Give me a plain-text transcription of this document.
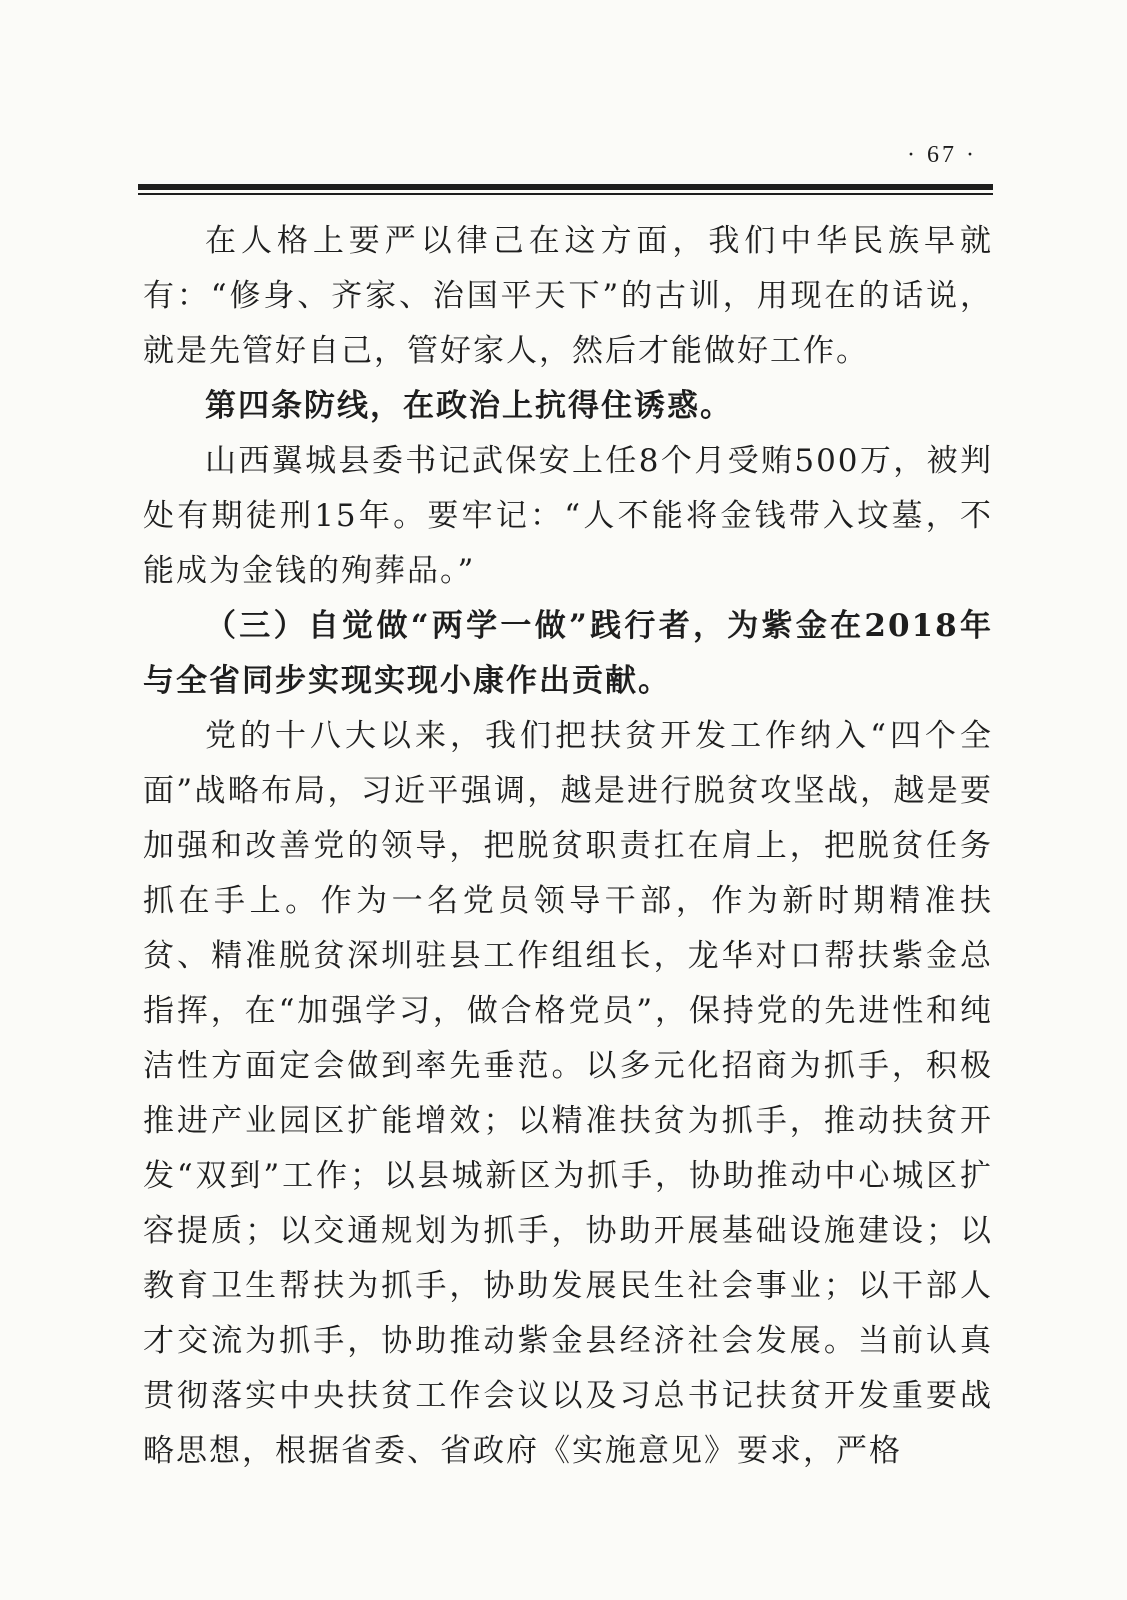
· 67 ·

在人格上要严以律己在这方面，我们中华民族早就有：“修身、齐家、治国平天下”的古训，用现在的话说，就是先管好自己，管好家人，然后才能做好工作。

第四条防线，在政治上抗得住诱惑。

山西翼城县委书记武保安上任8个月受贿500万，被判处有期徒刑15年。要牢记：“人不能将金钱带入坟墓，不能成为金钱的殉葬品。”

（三）自觉做“两学一做”践行者，为紫金在2018年与全省同步实现实现小康作出贡献。

党的十八大以来，我们把扶贫开发工作纳入“四个全面”战略布局，习近平强调，越是进行脱贫攻坚战，越是要加强和改善党的领导，把脱贫职责扛在肩上，把脱贫任务抓在手上。作为一名党员领导干部，作为新时期精准扶贫、精准脱贫深圳驻县工作组组长，龙华对口帮扶紫金总指挥，在“加强学习，做合格党员”，保持党的先进性和纯洁性方面定会做到率先垂范。以多元化招商为抓手，积极推进产业园区扩能增效；以精准扶贫为抓手，推动扶贫开发“双到”工作；以县城新区为抓手，协助推动中心城区扩容提质；以交通规划为抓手，协助开展基础设施建设；以教育卫生帮扶为抓手，协助发展民生社会事业；以干部人才交流为抓手，协助推动紫金县经济社会发展。当前认真贯彻落实中央扶贫工作会议以及习总书记扶贫开发重要战略思想，根据省委、省政府《实施意见》要求，严格
